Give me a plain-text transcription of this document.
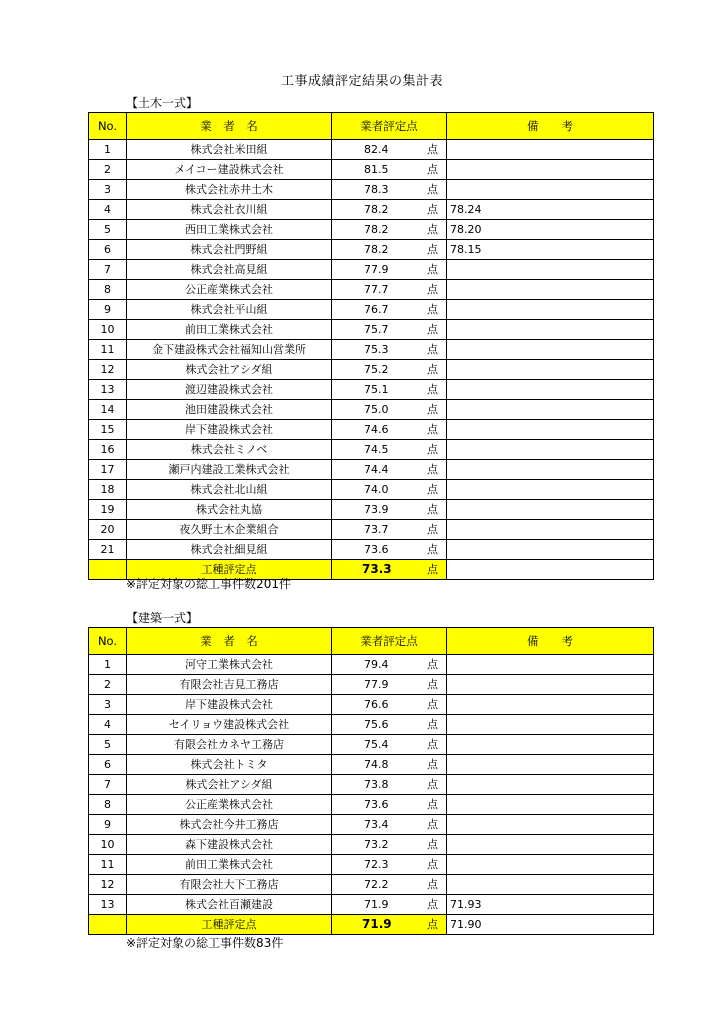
工事成績評定結果の集計表
【土木一式】
No.	業　者　名	業者評定点	備　　考
1	株式会社米田組	82.4 点	

2	メイコー建設株式会社	81.5 点	

3	株式会社赤井土木	78.3 点	

4	株式会社衣川組	78.2 点	78.24
5	西田工業株式会社	78.2 点	78.20
6	株式会社門野組	78.2 点	78.15
7	株式会社高見組	77.9 点	

8	公正産業株式会社	77.7 点	

9	株式会社平山組	76.7 点	

10	前田工業株式会社	75.7 点	

11	金下建設株式会社福知山営業所	75.3 点	

12	株式会社アシダ組	75.2 点	

13	渡辺建設株式会社	75.1 点	

14	池田建設株式会社	75.0 点	

15	岸下建設株式会社	74.6 点	

16	株式会社ミノベ	74.5 点	

17	瀬戸内建設工業株式会社	74.4 点	

18	株式会社北山組	74.0 点	

19	株式会社丸協	73.9 点	

20	夜久野土木企業組合	73.7 点	

21	株式会社細見組	73.6 点	

	工種評定点	73.3 点	

※評定対象の総工事件数201件
【建築一式】
No.	業　者　名	業者評定点	備　　考
1	河守工業株式会社	79.4 点	

2	有限会社吉見工務店	77.9 点	

3	岸下建設株式会社	76.6 点	

4	セイリョウ建設株式会社	75.6 点	

5	有限会社カネヤ工務店	75.4 点	

6	株式会社トミタ	74.8 点	

7	株式会社アシダ組	73.8 点	

8	公正産業株式会社	73.6 点	

9	株式会社今井工務店	73.4 点	

10	森下建設株式会社	73.2 点	

11	前田工業株式会社	72.3 点	

12	有限会社大下工務店	72.2 点	

13	株式会社百瀬建設	71.9 点	71.93
	工種評定点	71.9 点	71.90
※評定対象の総工事件数83件
